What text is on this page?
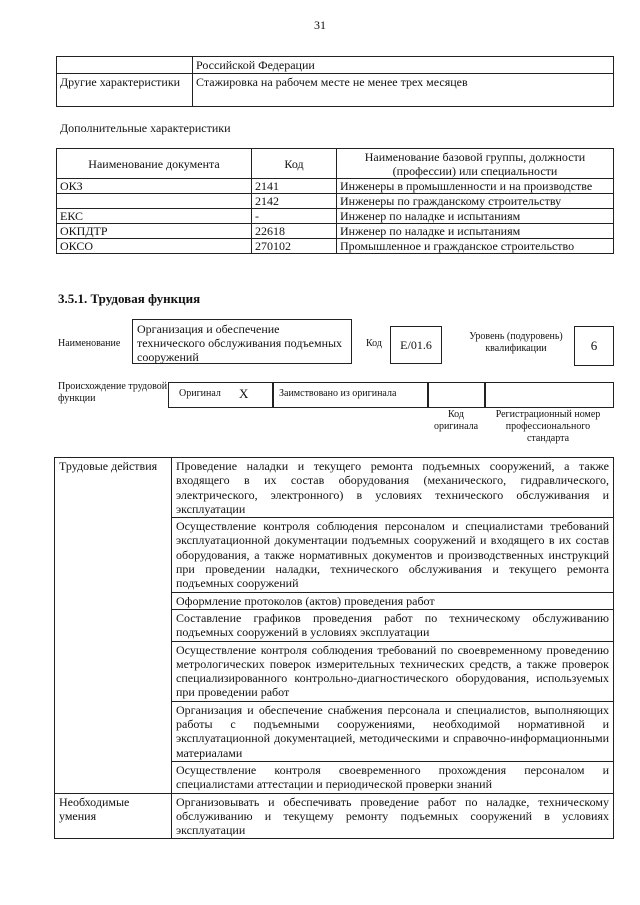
31
	Российской Федерации
Другие характеристики	Стажировка на рабочем месте не менее трех месяцев
Дополнительные характеристики
Наименование документа	Код	Наименование базовой группы, должности (профессии) или специальности
ОКЗ	2141	Инженеры в промышленности и на производстве
	2142	Инженеры по гражданскому строительству
ЕКС	-	Инженер по наладке и испытаниям
ОКПДТР	22618	Инженер по наладке и испытаниям
ОКСО	270102	Промышленное и гражданское строительство
3.5.1. Трудовая функция
Наименование
Организация и обеспечение технического обслуживания подъемных сооружений
Код	E/01.6
Уровень (подуровень) квалификации	6
Происхождение трудовой функции	Оригинал X	Заимствовано из оригинала
Код оригинала
Регистрационный номер профессионального стандарта
Трудовые действия	Проведение наладки и текущего ремонта подъемных сооружений, а также входящего в их состав оборудования (механического, гидравлического, электрического, электронного) в условиях технического обслуживания и эксплуатации
	Осуществление контроля соблюдения персоналом и специалистами требований эксплуатационной документации подъемных сооружений и входящего в их состав оборудования, а также нормативных документов и производственных инструкций при проведении наладки, технического обслуживания и текущего ремонта подъемных сооружений
	Оформление протоколов (актов) проведения работ
	Составление графиков проведения работ по техническому обслуживанию подъемных сооружений в условиях эксплуатации
	Осуществление контроля соблюдения требований по своевременному проведению метрологических поверок измерительных технических средств, а также проверок специализированного контрольно-диагностического оборудования, используемых при проведении работ
	Организация и обеспечение снабжения персонала и специалистов, выполняющих работы с подъемными сооружениями, необходимой нормативной и эксплуатационной документацией, методическими и справочно-информационными материалами
	Осуществление контроля своевременного прохождения персоналом и специалистами аттестации и периодической проверки знаний
Необходимые умения	Организовывать и обеспечивать проведение работ по наладке, техническому обслуживанию и текущему ремонту подъемных сооружений в условиях эксплуатации
